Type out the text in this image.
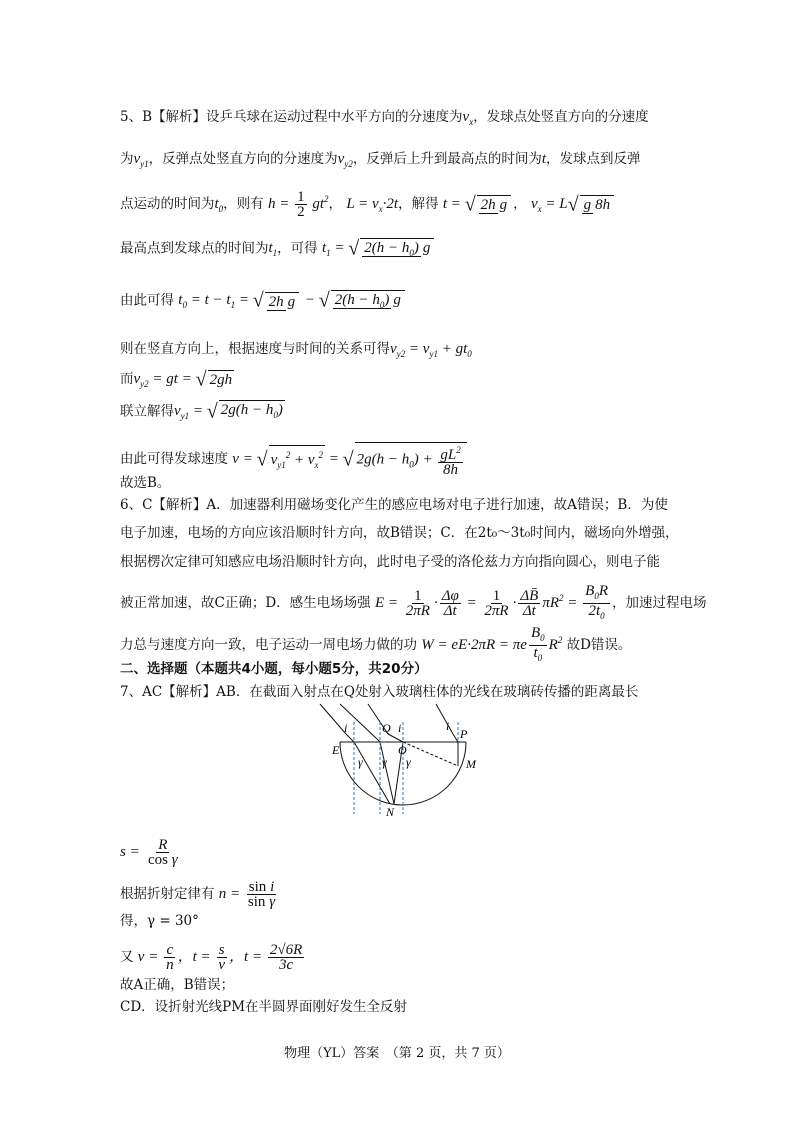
5、B【解析】设乒乓球在运动过程中水平方向的分速度为$v_x$，发球点处竖直方向的分速度
为$v_{y1}$，反弹点处竖直方向的分速度为$v_{y2}$，反弹后上升到最高点的时间为t，发球点到反弹
点运动的时间为$t_0$，则有 $h = \frac{1}{2} gt^2$， $L = v_x\cdot 2t$，解得 t = √ 2h g ， $v_x = L√$ g 8h
最高点到发球点的时间为$t_1$，可得 $t_1$ = √ $2(h - h_0)$ g
由此可得 $t_0 = t - t_1$ = √ 2h g − √ $2(h - h_0)$ g
则在竖直方向上，根据速度与时间的关系可得$v_{y2} = v_{y1} + gt_0$
而$v_{y2}$ = gt = √ 2gh
联立解得$v_{y1}$ = √ $2g(h - h_0)$
由此可得发球速度 v = √ $v_{y1}^2 + v_x^2$ = √ $2g(h - h_0) + \frac{gL^2}{8h}$
故选B。
6、C【解析】A．加速器利用磁场变化产生的感应电场对电子进行加速，故A错误；B．为使
电子加速，电场的方向应该沿顺时针方向，故B错误；C．在2t₀～3t₀时间内，磁场向外增强，
根据楞次定律可知感应电场沿顺时针方向，此时电子受的洛伦兹力方向指向圆心，则电子能
被正常加速，故C正确；D．感生电场场强 $E = \frac{1}{2\pi R} \cdot \frac{\Delta\varphi}{\Delta t} = \frac{1}{2\pi R} \cdot \frac{\Delta B̄}{\Delta t} \pi R^2 = \frac{B_0R}{2t_0}$ ，加速过程电场
力总与速度方向一致，电子运动一周电场力做的功 W = eE·2πR = πe $\frac{B_0}{t_0} R^2$ 故D错误。
二、选择题（本题共4小题，每小题5分，共20分）
7、AC【解析】AB．在截面入射点在Q处射入玻璃柱体的光线在玻璃砖传播的距离最长
i	Q i	i
P
E	O
M
γ γ γ
N
$s = \frac{R}{\text{cos γ}}$
根据折射定律有 $n = \frac{\text{sin i}}{\text{sin γ}}$
得，γ = 30°
又 $v = \frac{c}{n}$ ，$t = \frac{s}{v}$ ，$t = \frac{2√6R}{3c}$
故A正确，B错误；
CD．设折射光线PM在半圆界面刚好发生全反射
物理（YL）答案　（第 2 页，共 7 页）
